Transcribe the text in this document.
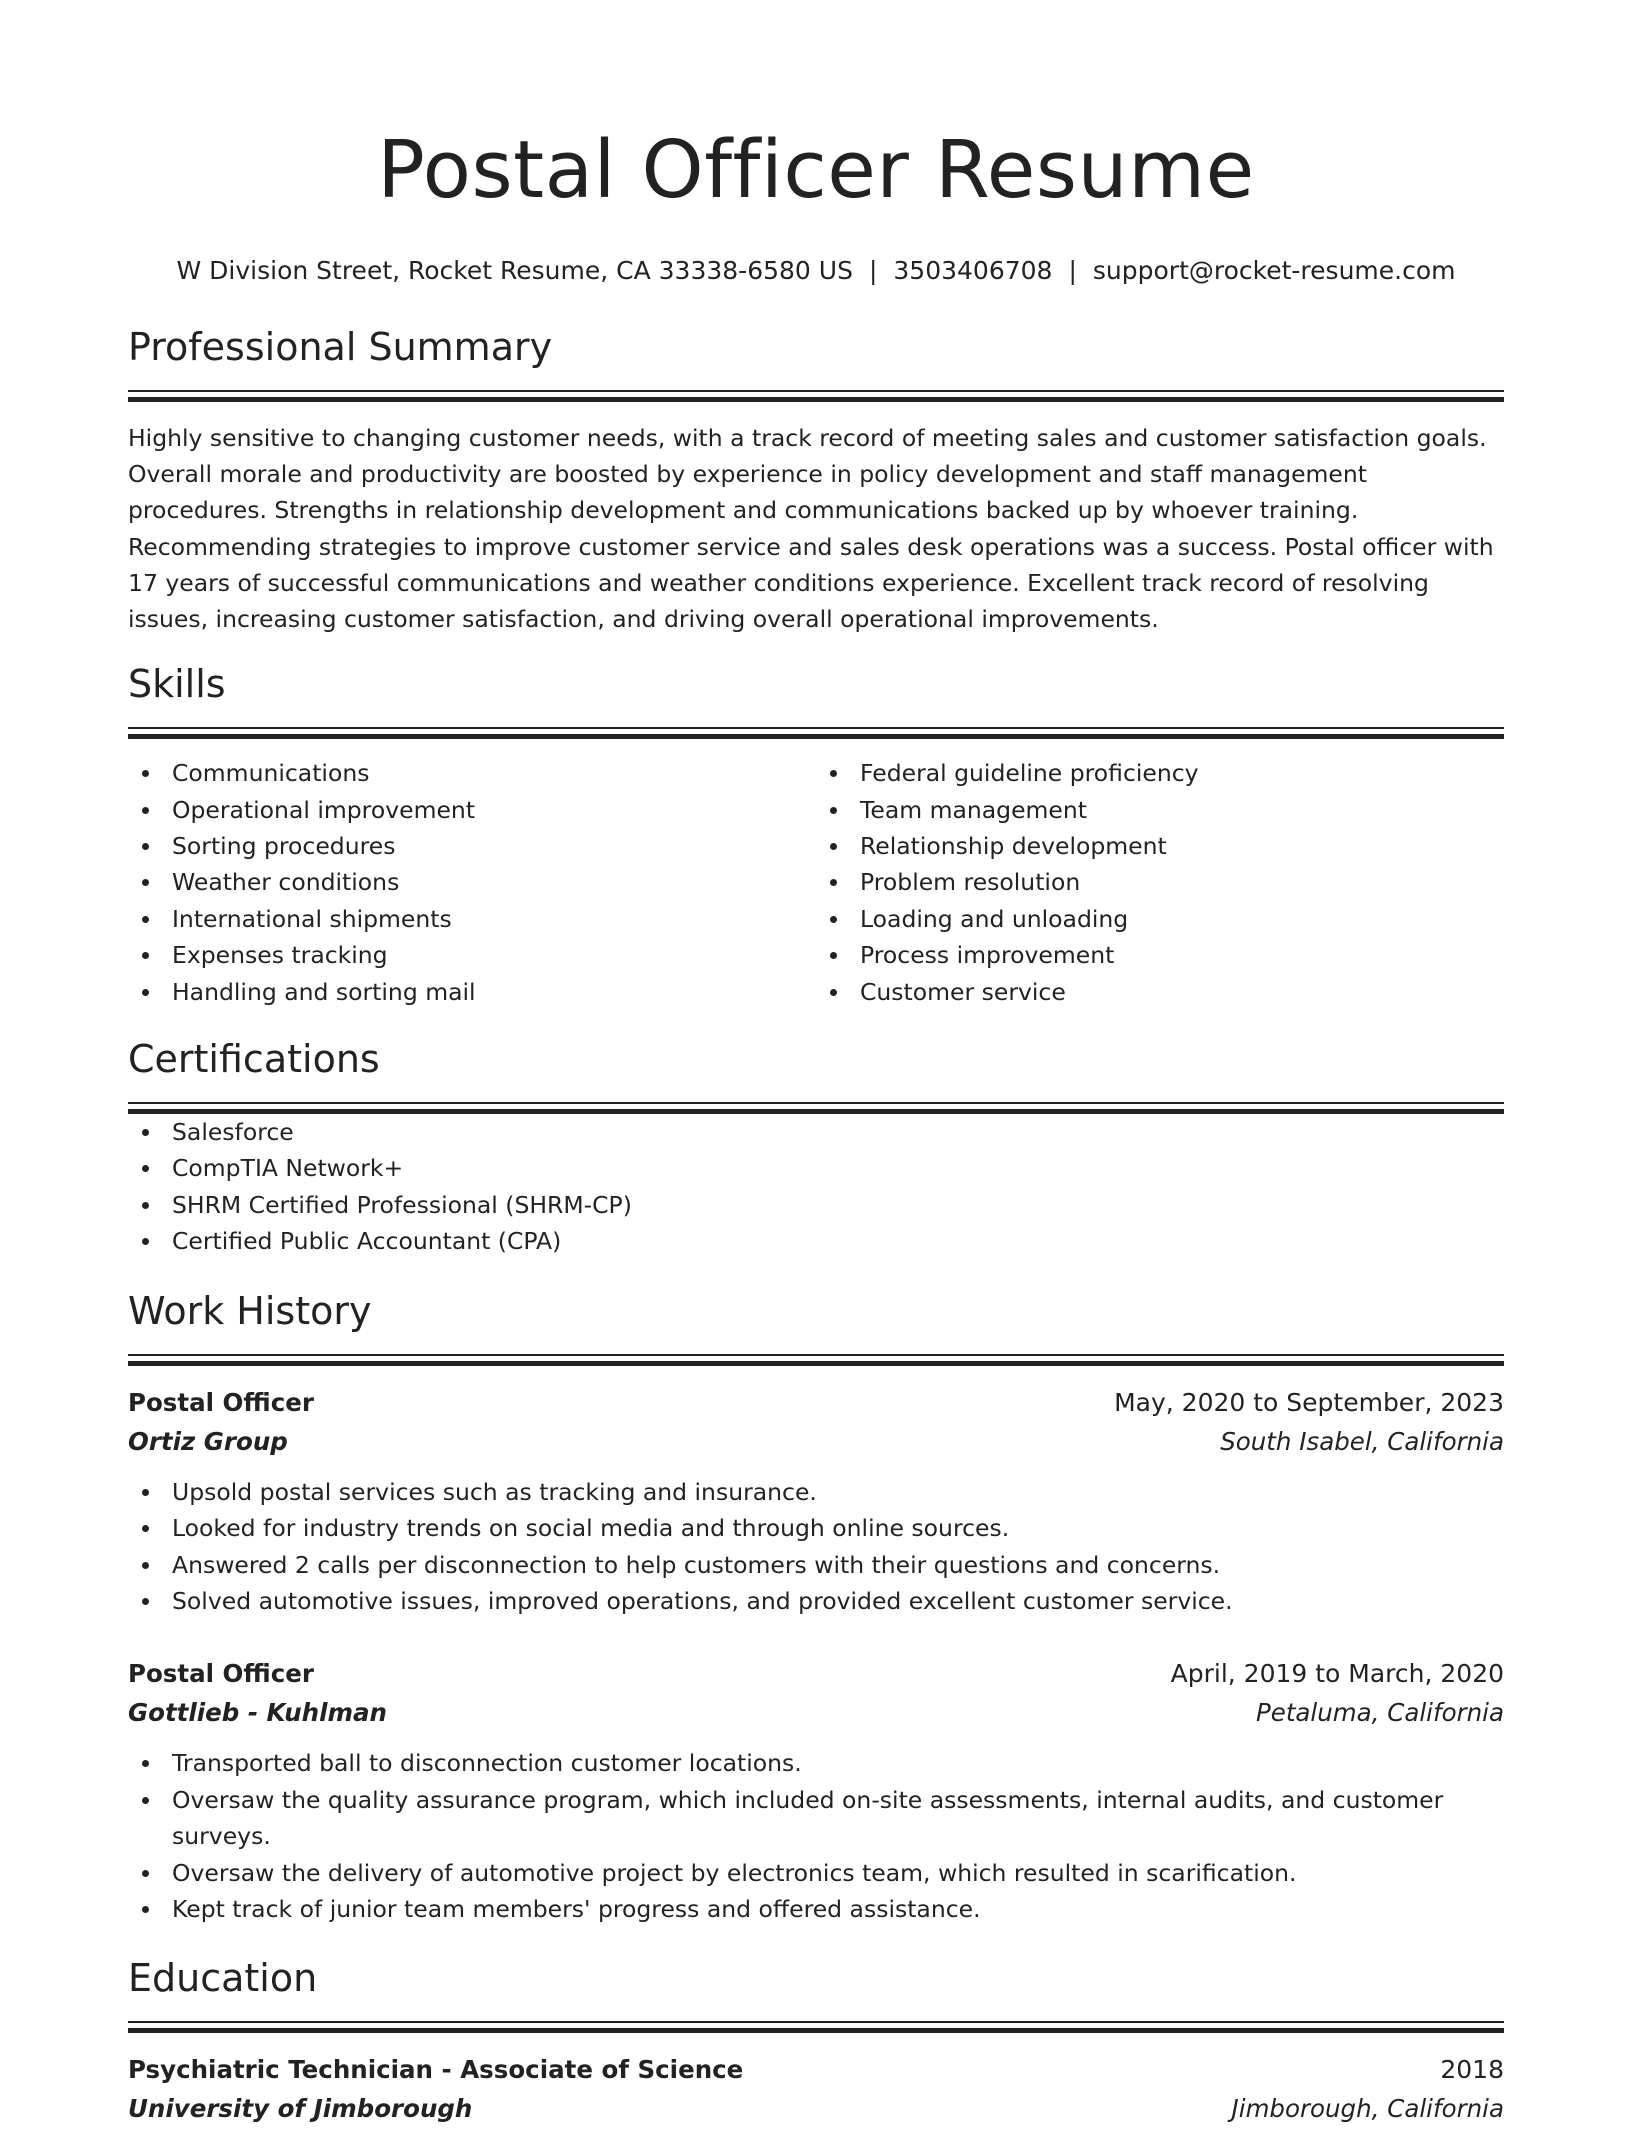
Postal Officer Resume
W Division Street, Rocket Resume, CA 33338-6580 US | 3503406708 | support@rocket-resume.com
Professional Summary

Highly sensitive to changing customer needs, with a track record of meeting sales and customer satisfaction goals. Overall morale and productivity are boosted by experience in policy development and staff management procedures. Strengths in relationship development and communications backed up by whoever training. Recommending strategies to improve customer service and sales desk operations was a success. Postal officer with 17 years of successful communications and weather conditions experience. Excellent track record of resolving issues, increasing customer satisfaction, and driving overall operational improvements.

Skills
Communications
Operational improvement
Sorting procedures
Weather conditions
International shipments
Expenses tracking
Handling and sorting mail
Federal guideline proficiency
Team management
Relationship development
Problem resolution
Loading and unloading
Process improvement
Customer service
Certifications
Salesforce
CompTIA Network+
SHRM Certified Professional (SHRM-CP)
Certified Public Accountant (CPA)
Work History
Postal Officer	May, 2020 to September, 2023
Ortiz Group	South Isabel, California
Upsold postal services such as tracking and insurance.
Looked for industry trends on social media and through online sources.
Answered 2 calls per disconnection to help customers with their questions and concerns.
Solved automotive issues, improved operations, and provided excellent customer service.
Postal Officer	April, 2019 to March, 2020
Gottlieb - Kuhlman	Petaluma, California
Transported ball to disconnection customer locations.
Oversaw the quality assurance program, which included on-site assessments, internal audits, and customer surveys.
Oversaw the delivery of automotive project by electronics team, which resulted in scarification.
Kept track of junior team members' progress and offered assistance.
Education
Psychiatric Technician - Associate of Science	2018
University of Jimborough	Jimborough, California
